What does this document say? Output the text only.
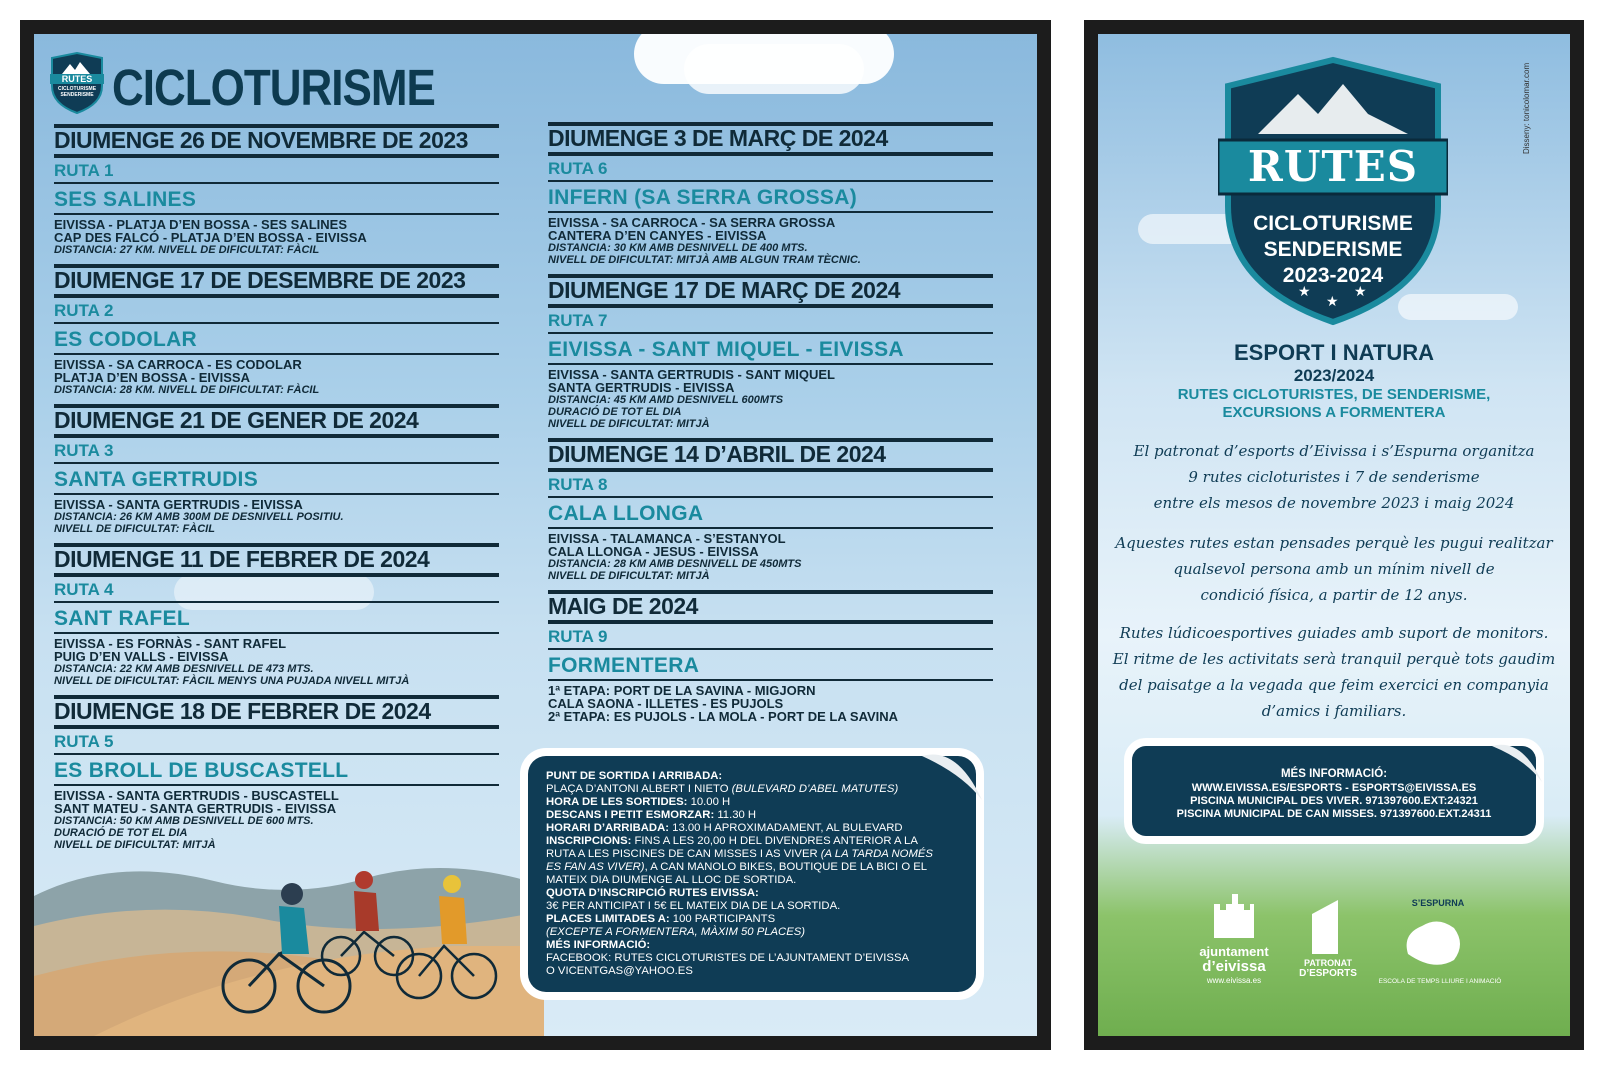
RUTES
CICLOTURISME
SENDERISME CICLOTURISME
DIUMENGE 26 DE NOVEMBRE DE 2023
RUTA 1
SES SALINES
EIVISSA - PLATJA D’EN BOSSA - SES SALINES
CAP DES FALCÓ - PLATJA D’EN BOSSA - EIVISSA
DISTANCIA: 27 KM. NIVELL DE DIFICULTAT: FÀCIL
DIUMENGE 17 DE DESEMBRE DE 2023
RUTA 2
ES CODOLAR
EIVISSA - SA CARROCA - ES CODOLAR
PLATJA D’EN BOSSA - EIVISSA
DISTANCIA: 28 KM. NIVELL DE DIFICULTAT: FÀCIL
DIUMENGE 21 DE GENER DE 2024
RUTA 3
SANTA GERTRUDIS
EIVISSA - SANTA GERTRUDIS - EIVISSA
DISTANCIA: 26 KM AMB 300M DE DESNIVELL POSITIU.
NIVELL DE DIFICULTAT: FÀCIL
DIUMENGE 11 DE FEBRER DE 2024
RUTA 4
SANT RAFEL
EIVISSA - ES FORNÀS - SANT RAFEL
PUIG D’EN VALLS - EIVISSA
DISTANCIA: 22 KM AMB DESNIVELL DE 473 MTS.
NIVELL DE DIFICULTAT: FÀCIL MENYS UNA PUJADA NIVELL MITJÀ
DIUMENGE 18 DE FEBRER DE 2024
RUTA 5
ES BROLL DE BUSCASTELL
EIVISSA - SANTA GERTRUDIS - BUSCASTELL
SANT MATEU - SANTA GERTRUDIS - EIVISSA
DISTANCIA: 50 KM AMB DESNIVELL DE 600 MTS.
DURACIÓ DE TOT EL DIA
NIVELL DE DIFICULTAT: MITJÀ
DIUMENGE 3 DE MARÇ DE 2024
RUTA 6
INFERN (SA SERRA GROSSA)
EIVISSA - SA CARROCA - SA SERRA GROSSA
CANTERA D’EN CANYES - EIVISSA
DISTANCIA: 30 KM AMB DESNIVELL DE 400 MTS.
NIVELL DE DIFICULTAT: MITJÀ AMB ALGUN TRAM TÈCNIC.
DIUMENGE 17 DE MARÇ DE 2024
RUTA 7
EIVISSA - SANT MIQUEL - EIVISSA
EIVISSA - SANTA GERTRUDIS - SANT MIQUEL
SANTA GERTRUDIS - EIVISSA
DISTANCIA: 45 KM AMD DESNIVELL 600MTS
DURACIÓ DE TOT EL DIA
NIVELL DE DIFICULTAT: MITJÀ
DIUMENGE 14 D’ABRIL DE 2024
RUTA 8
CALA LLONGA
EIVISSA - TALAMANCA - S’ESTANYOL
CALA LLONGA - JESUS - EIVISSA
DISTANCIA: 28 KM AMB DESNIVELL DE 450MTS
NIVELL DE DIFICULTAT: MITJÀ
MAIG DE 2024
RUTA 9
FORMENTERA
1ª ETAPA: PORT DE LA SAVINA - MIGJORN
CALA SAONA - ILLETES - ES PUJOLS
2ª ETAPA: ES PUJOLS - LA MOLA - PORT DE LA SAVINA
PUNT DE SORTIDA I ARRIBADA:
PLAÇA D’ANTONI ALBERT I NIETO (BULEVARD D’ABEL MATUTES)
HORA DE LES SORTIDES: 10.00 H
DESCANS I PETIT ESMORZAR: 11.30 H
HORARI D’ARRIBADA: 13.00 H APROXIMADAMENT, AL BULEVARD
INSCRIPCIONS: FINS A LES 20,00 H DEL DIVENDRES ANTERIOR A LA
RUTA A LES PISCINES DE CAN MISSES I AS VIVER (A LA TARDA NOMÉS
ES FAN AS VIVER), A CAN MANOLO BIKES, BOUTIQUE DE LA BICI O EL
MATEIX DIA DIUMENGE AL LLOC DE SORTIDA.
QUOTA D’INSCRIPCIÓ RUTES EIVISSA:
3€ PER ANTICIPAT I 5€ EL MATEIX DIA DE LA SORTIDA.
PLACES LIMITADES A: 100 PARTICIPANTS
(EXCEPTE A FORMENTERA, MÀXIM 50 PLACES)
MÉS INFORMACIÓ:
FACEBOOK: RUTES CICLOTURISTES DE L’AJUNTAMENT D’EIVISSA
O VICENTGAS@YAHOO.ES
Disseny: tonicolomar.com
★
★
★
RUTES
CICLOTURISME
SENDERISME
2023-2024
ESPORT I NATURA
2023/2024
RUTES CICLOTURISTES, DE SENDERISME,
EXCURSIONS A FORMENTERA
El patronat d’esports d’Eivissa i s’Espurna organitza
9 rutes cicloturistes i 7 de senderisme
entre els mesos de novembre 2023 i maig 2024
Aquestes rutes estan pensades perquè les pugui realitzar
qualsevol persona amb un mínim nivell de
condició física, a partir de 12 anys.
Rutes lúdicoesportives guiades amb suport de monitors.
El ritme de les activitats serà tranquil perquè tots gaudim
del paisatge a la vegada que feim exercici en companyia
d’amics i familiars.
MÉS INFORMACIÓ:
WWW.EIVISSA.ES/ESPORTS - ESPORTS@EIVISSA.ES
PISCINA MUNICIPAL DES VIVER. 971397600.EXT:24321
PISCINA MUNICIPAL DE CAN MISSES. 971397600.EXT.24311
ajuntament
d’eivissa
www.eivissa.es
PATRONAT
D’ESPORTS
S’ESPURNA
ESCOLA DE TEMPS LLIURE I ANIMACIÓ
